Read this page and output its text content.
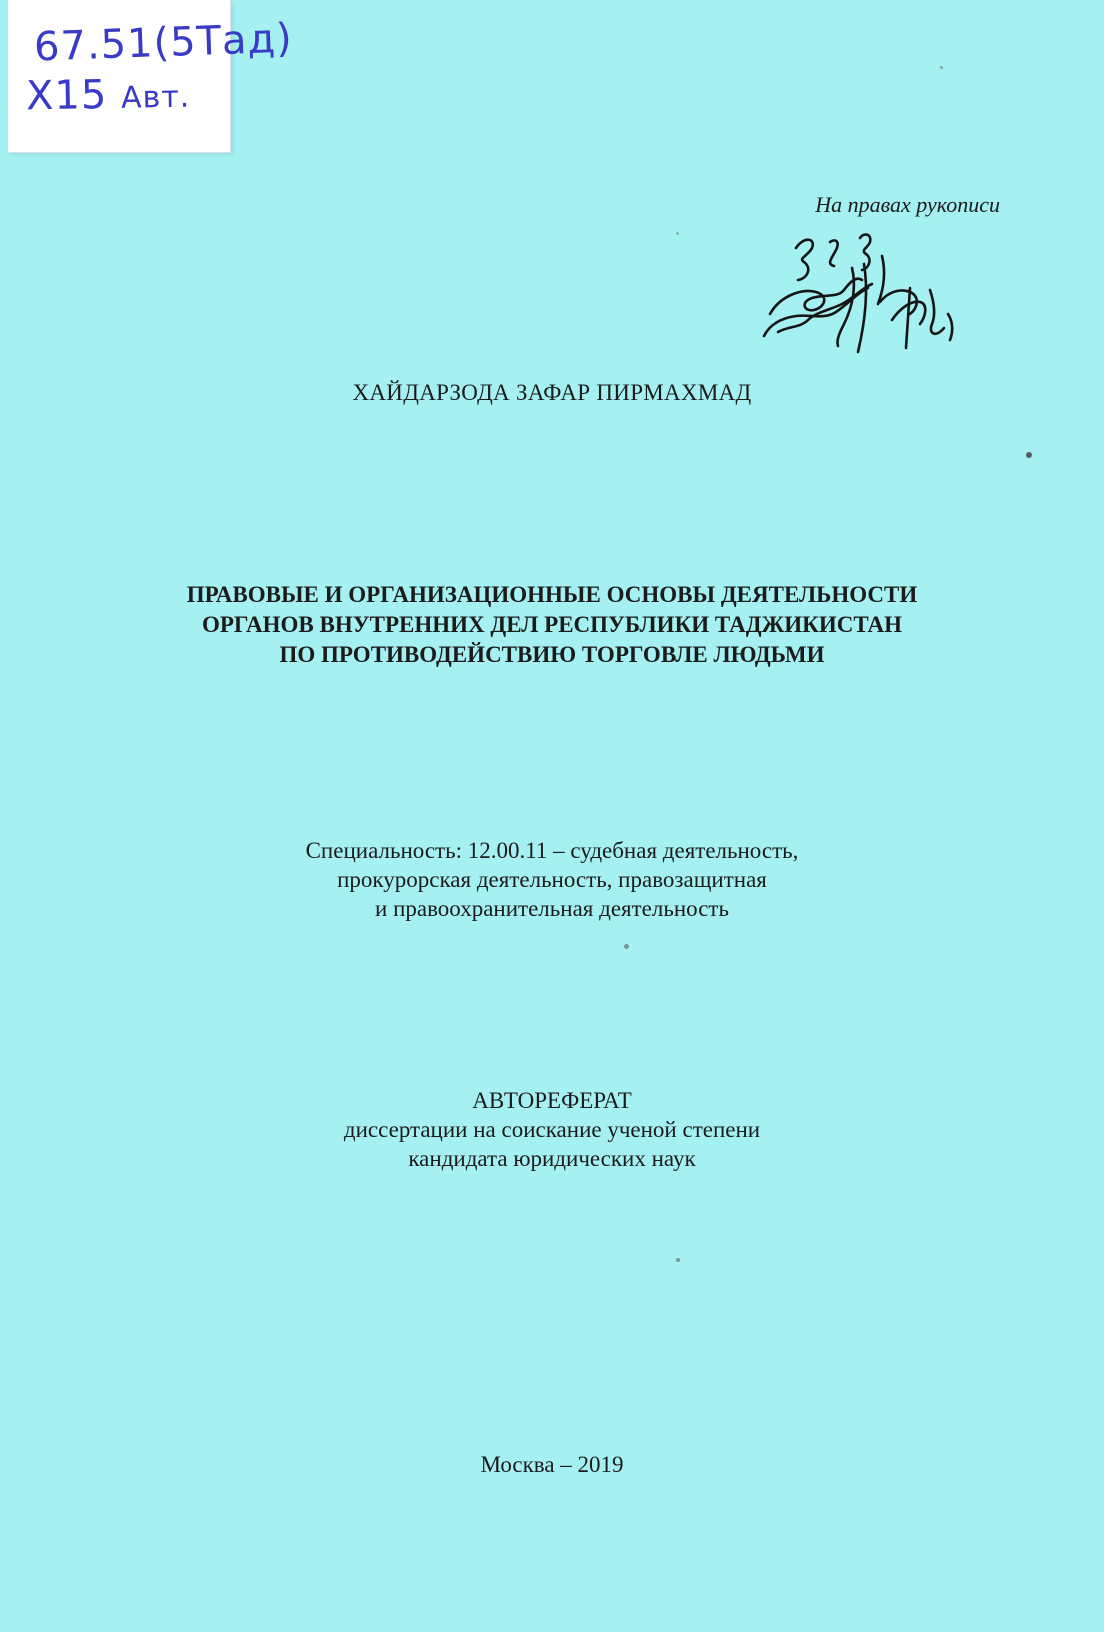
67.51(5Тад)
Х15 Авт.
На правах рукописи
ХАЙДАРЗОДА ЗАФАР ПИРМАХМАД
ПРАВОВЫЕ И ОРГАНИЗАЦИОННЫЕ ОСНОВЫ ДЕЯТЕЛЬНОСТИ
ОРГАНОВ ВНУТРЕННИХ ДЕЛ РЕСПУБЛИКИ ТАДЖИКИСТАН
ПО ПРОТИВОДЕЙСТВИЮ ТОРГОВЛЕ ЛЮДЬМИ
Специальность: 12.00.11 – судебная деятельность,
прокурорская деятельность, правозащитная
и правоохранительная деятельность
АВТОРЕФЕРАТ
диссертации на соискание ученой степени
кандидата юридических наук
Москва – 2019
